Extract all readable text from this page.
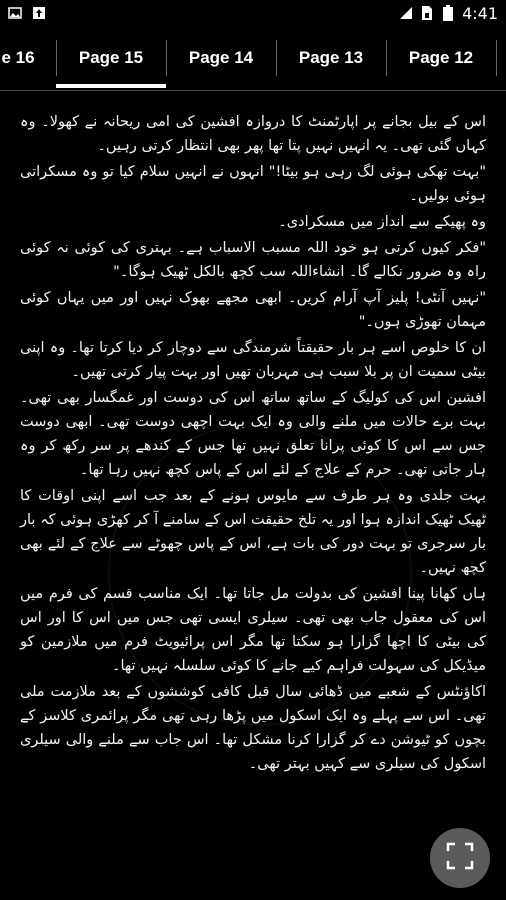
4:41
e 16	Page 15	Page 14	Page 13	Page 12

اس کے بیل بجانے پر اپارٹمنٹ کا دروازہ افشین کی امی ریحانہ نے کھولا۔ وہ کہاں گئی تھی۔ یہ انہیں نہیں پتا تھا پھر بھی انتظار کرتی رہیں۔

"بہت تھکی ہوئی لگ رہی ہو بیٹا!" انہوں نے انہیں سلام کیا تو وہ مسکراتی ہوئی بولیں۔

وہ پھیکے سے انداز میں مسکرادی۔

"فکر کیوں کرتی ہو خود اللہ مسبب الاسباب ہے۔ بہتری کی کوئی نہ کوئی راہ وہ ضرور نکالے گا۔ انشاءاللہ سب کچھ بالکل ٹھیک ہوگا۔"

"نہیں آنٹی! پلیز آپ آرام کریں۔ ابھی مجھے بھوک نہیں اور میں یہاں کوئی مہمان تھوڑی ہوں۔"

ان کا خلوص اسے ہر بار حقیقتاً شرمندگی سے دوچار کر دیا کرتا تھا۔ وہ اپنی بیٹی سمیت ان پر بلا سبب ہی مہربان تھیں اور بہت پیار کرتی تھیں۔

افشین اس کی کولیگ کے ساتھ ساتھ اس کی دوست اور غمگسار بھی تھی۔ بہت برے حالات میں ملنے والی وہ ایک بہت اچھی دوست تھی۔ ابھی دوست جس سے اس کا کوئی پرانا تعلق نہیں تھا جس کے کندھے پر سر رکھ کر وہ ہار جاتی تھی۔ حرم کے علاج کے لئے اس کے پاس کچھ نہیں رہا تھا۔

بہت جلدی وہ ہر طرف سے مایوس ہونے کے بعد جب اسے اپنی اوقات کا ٹھیک ٹھیک اندازہ ہوا اور یہ تلخ حقیقت اس کے سامنے آ کر کھڑی ہوئی کہ بار بار سرجری تو بہت دور کی بات ہے، اس کے پاس چھوٹے سے علاج کے لئے بھی کچھ نہیں۔

ہاں کھانا پینا افشین کی بدولت مل جاتا تھا۔ ایک مناسب قسم کی فرم میں اس کی معقول جاب بھی تھی۔ سیلری ایسی تھی جس میں اس کا اور اس کی بیٹی کا اچھا گزارا ہو سکتا تھا مگر اس پرائیویٹ فرم میں ملازمین کو میڈیکل کی سہولت فراہم کیے جانے کا کوئی سلسلہ نہیں تھا۔

اکاؤنٹس کے شعبے میں ڈھائی سال قبل کافی کوششوں کے بعد ملازمت ملی تھی۔ اس سے پہلے وہ ایک اسکول میں پڑھا رہی تھی مگر پرائمری کلاسز کے بچوں کو ٹیوشن دے کر گزارا کرنا مشکل تھا۔ اس جاب سے ملنے والی سیلری اسکول کی سیلری سے کہیں بہتر تھی۔
